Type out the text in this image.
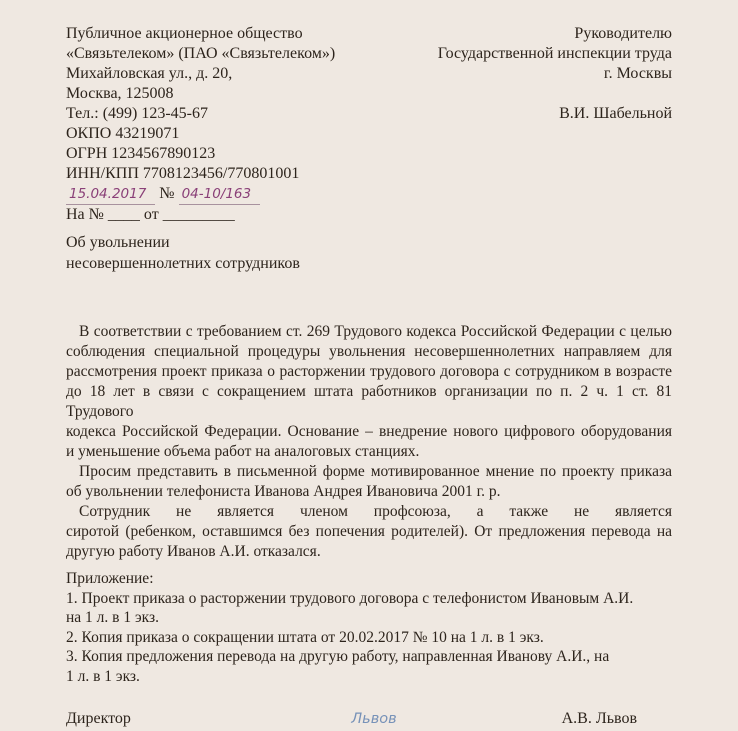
Публичное акционерное общество
«Связьтелеком» (ПАО «Связьтелеком»)
Михайловская ул., д. 20,
Москва, 125008
Тел.: (499) 123-45-67
ОКПО 43219071
ОГРН 1234567890123
ИНН/КПП 7708123456/770801001
15.04.2017 № 04-10/163
На № ____ от _________
Руководителю
Государственной инспекции труда
г. Москвы
В.И. Шабельной
Об увольнении
несовершеннолетних сотрудников
В соответствии с требованием ст. 269 Трудового кодекса Российской Федерации с целью
соблюдения специальной процедуры увольнения несовершеннолетних направляем для
рассмотрения проект приказа о расторжении трудового договора с сотрудником в возрасте
до 18 лет в связи с сокращением штата работников организации по п. 2 ч. 1 ст. 81 Трудового
кодекса Российской Федерации. Основание – внедрение нового цифрового оборудования
и уменьшение объема работ на аналоговых станциях.
Просим представить в письменной форме мотивированное мнение по проекту приказа
об увольнении телефониста Иванова Андрея Ивановича 2001 г. р.
Сотрудник не является членом профсоюза, а также не является
сиротой (ребенком, оставшимся без попечения родителей). От предложения перевода на
другую работу Иванов А.И. отказался.
Приложение:
1. Проект приказа о расторжении трудового договора с телефонистом Ивановым А.И.
на 1 л. в 1 экз.
2. Копия приказа о сокращении штата от 20.02.2017 № 10 на 1 л. в 1 экз.
3. Копия предложения перевода на другую работу, направленная Иванову А.И., на
1 л. в 1 экз.
Директор	Львов	А.В. Львов
